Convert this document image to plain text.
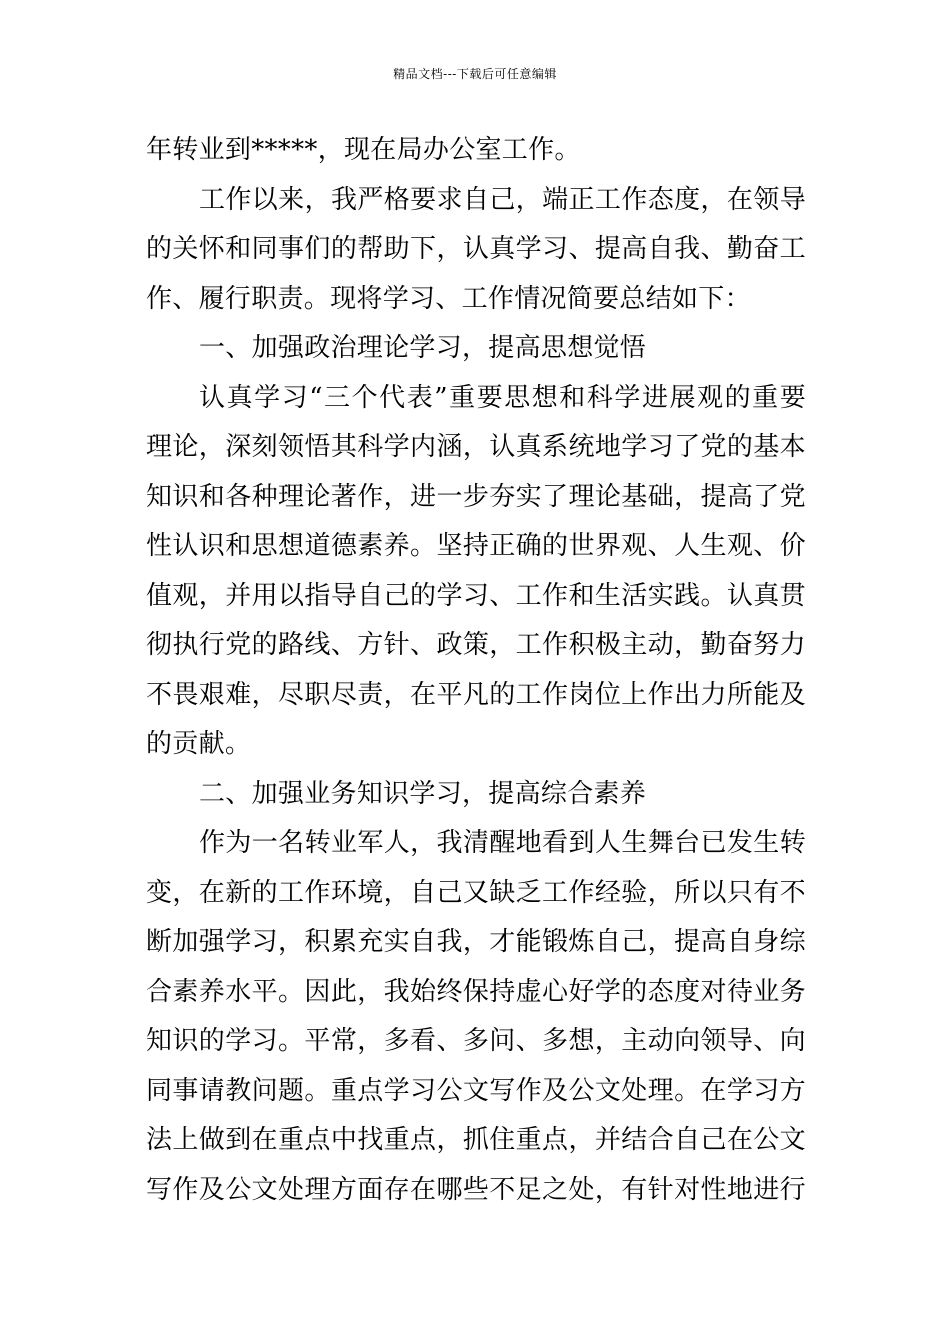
精品文档---下载后可任意编辑
年转业到*****，现在局办公室工作。
工作以来，我严格要求自己，端正工作态度，在领导
的关怀和同事们的帮助下，认真学习、提高自我、勤奋工
作、履行职责。现将学习、工作情况简要总结如下：
一、加强政治理论学习，提高思想觉悟
认真学习“三个代表”重要思想和科学进展观的重要
理论，深刻领悟其科学内涵，认真系统地学习了党的基本
知识和各种理论著作，进一步夯实了理论基础，提高了党
性认识和思想道德素养。坚持正确的世界观、人生观、价
值观，并用以指导自己的学习、工作和生活实践。认真贯
彻执行党的路线、方针、政策，工作积极主动，勤奋努力
不畏艰难，尽职尽责，在平凡的工作岗位上作出力所能及
的贡献。
二、加强业务知识学习，提高综合素养
作为一名转业军人，我清醒地看到人生舞台已发生转
变，在新的工作环境，自己又缺乏工作经验，所以只有不
断加强学习，积累充实自我，才能锻炼自己，提高自身综
合素养水平。因此，我始终保持虚心好学的态度对待业务
知识的学习。平常，多看、多问、多想，主动向领导、向
同事请教问题。重点学习公文写作及公文处理。在学习方
法上做到在重点中找重点，抓住重点，并结合自己在公文
写作及公文处理方面存在哪些不足之处，有针对性地进行
